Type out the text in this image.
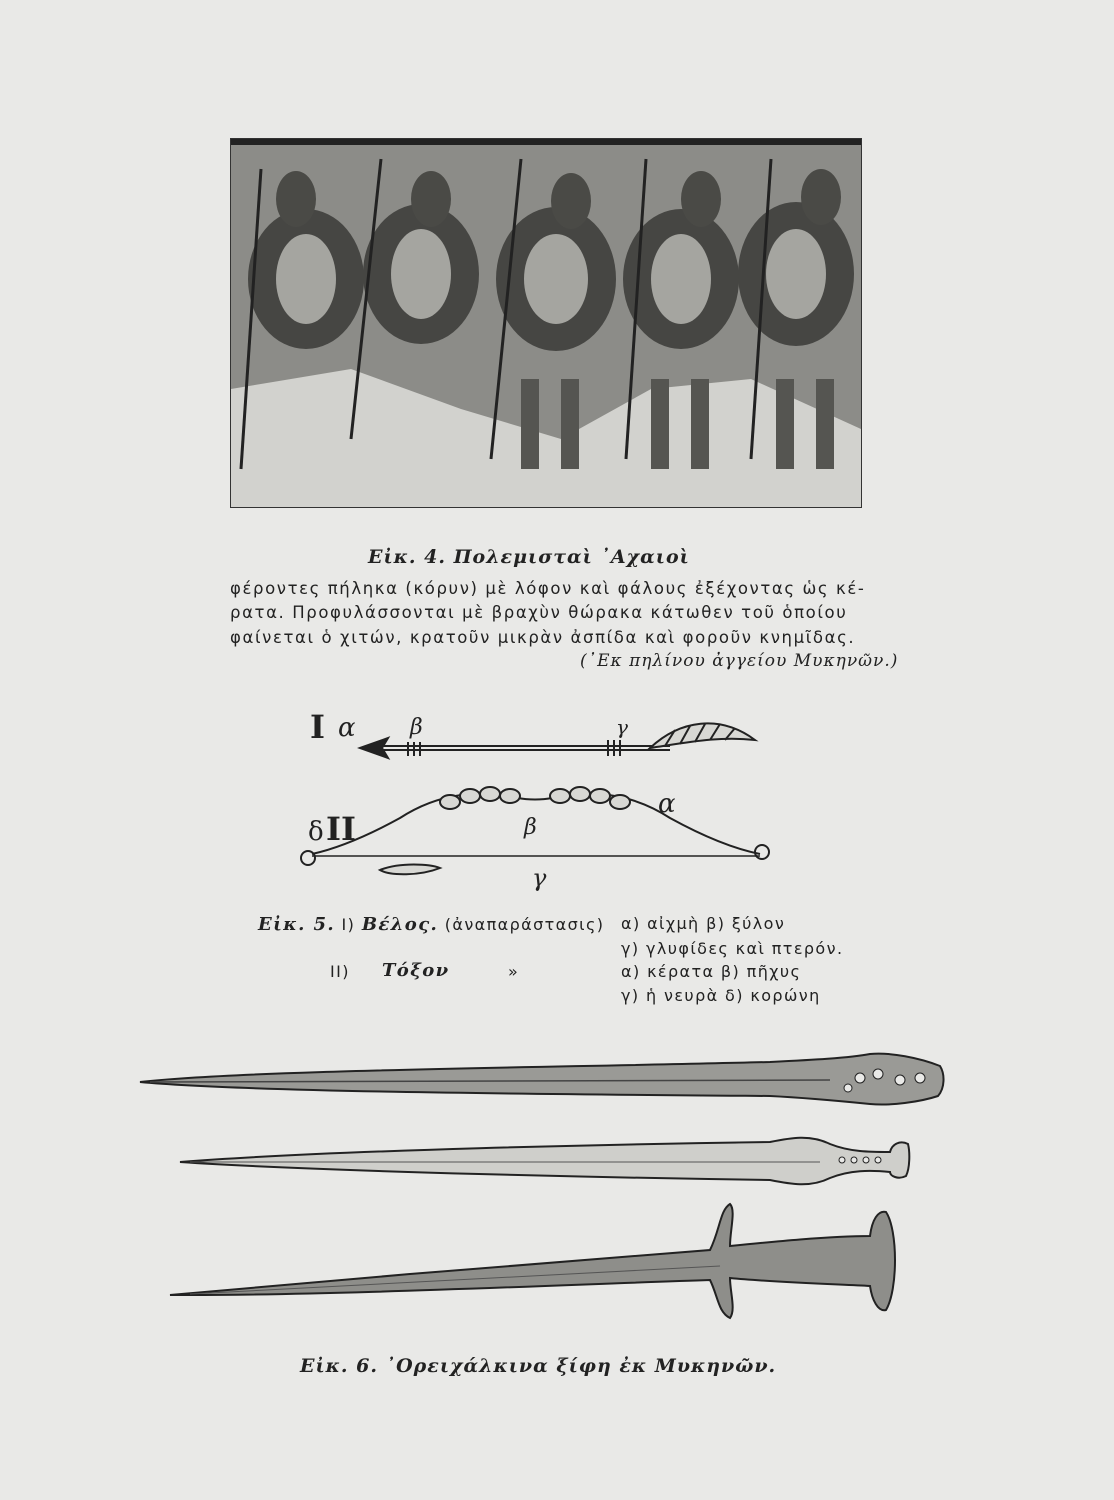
Εἰκ. 4. Πολεμισταὶ ᾿Αχαιοὶ
φέροντες πήληκα (κόρυν) μὲ λόφον καὶ φάλους ἐξέχοντας ὡς κέ-
ρατα. Προφυλάσσονται μὲ βραχὺν θώρακα κάτωθεν τοῦ ὁποίου
φαίνεται ὁ χιτών, κρατοῦν μικρὰν ἀσπίδα καὶ φοροῦν κνημῖδας.
(᾿Εκ πηλίνου ἀγγείου Μυκηνῶν.)
I α β	γ
δ II
α
β
γ
Εἰκ. 5. I) Βέλος. (ἀναπαράστασις) α) αἰχμὴ β) ξύλον
γ) γλυφίδες καὶ πτερόν.
II) Τόξον	»	α) κέρατα β) πῆχυς
γ) ἡ νευρὰ δ) κορώνη
Εἰκ. 6. ᾿Ορειχάλκινα ξίφη ἐκ Μυκηνῶν.
